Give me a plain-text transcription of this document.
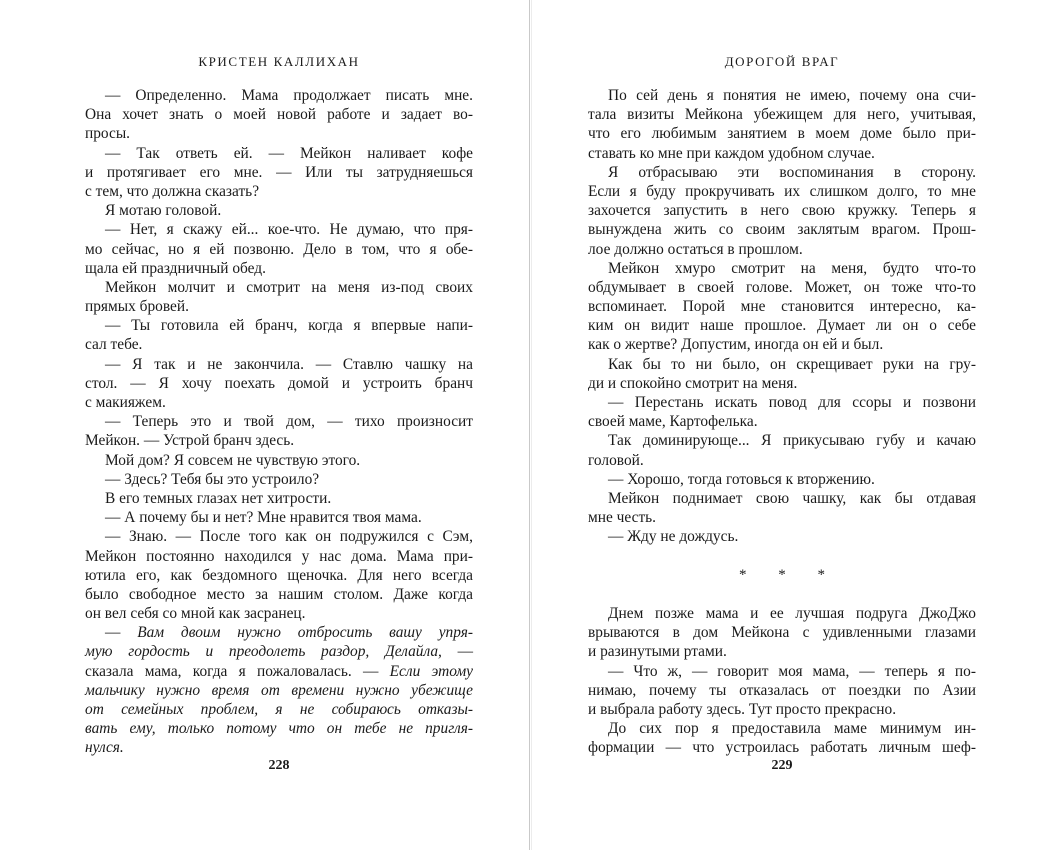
КРИСТЕН КАЛЛИХАН
— Определенно. Мама продолжает писать мне.
Она хочет знать о моей новой работе и задает во-
просы.
— Так ответь ей. — Мейкон наливает кофе
и протягивает его мне. — Или ты затрудняешься
с тем, что должна сказать?
Я мотаю головой.
— Нет, я скажу ей... кое-что. Не думаю, что пря-
мо сейчас, но я ей позвоню. Дело в том, что я обе-
щала ей праздничный обед.
Мейкон молчит и смотрит на меня из-под своих
прямых бровей.
— Ты готовила ей бранч, когда я впервые напи-
сал тебе.
— Я так и не закончила. — Ставлю чашку на
стол. — Я хочу поехать домой и устроить бранч
с макияжем.
— Теперь это и твой дом, — тихо произносит
Мейкон. — Устрой бранч здесь.
Мой дом? Я совсем не чувствую этого.
— Здесь? Тебя бы это устроило?
В его темных глазах нет хитрости.
— А почему бы и нет? Мне нравится твоя мама.
— Знаю. — После того как он подружился с Сэм,
Мейкон постоянно находился у нас дома. Мама при-
ютила его, как бездомного щеночка. Для него всегда
было свободное место за нашим столом. Даже когда
он вел себя со мной как засранец.
— Вам двоим нужно отбросить вашу упря-
мую гордость и преодолеть раздор, Делайла, —
сказала мама, когда я пожаловалась. — Если этому
мальчику нужно время от времени нужно убежище
от семейных проблем, я не собираюсь отказы-
вать ему, только потому что он тебе не пригля-
нулся.
228
ДОРОГОЙ ВРАГ
По сей день я понятия не имею, почему она счи-
тала визиты Мейкона убежищем для него, учитывая,
что его любимым занятием в моем доме было при-
ставать ко мне при каждом удобном случае.
Я отбрасываю эти воспоминания в сторону.
Если я буду прокручивать их слишком долго, то мне
захочется запустить в него свою кружку. Теперь я
вынуждена жить со своим заклятым врагом. Прош-
лое должно остаться в прошлом.
Мейкон хмуро смотрит на меня, будто что-то
обдумывает в своей голове. Может, он тоже что-то
вспоминает. Порой мне становится интересно, ка-
ким он видит наше прошлое. Думает ли он о себе
как о жертве? Допустим, иногда он ей и был.
Как бы то ни было, он скрещивает руки на гру-
ди и спокойно смотрит на меня.
— Перестань искать повод для ссоры и позвони
своей маме, Картофелька.
Так доминирующе... Я прикусываю губу и качаю
головой.
— Хорошо, тогда готовься к вторжению.
Мейкон поднимает свою чашку, как бы отдавая
мне честь.
— Жду не дождусь.
* * *
Днем позже мама и ее лучшая подруга ДжоДжо
врываются в дом Мейкона с удивленными глазами
и разинутыми ртами.
— Что ж, — говорит моя мама, — теперь я по-
нимаю, почему ты отказалась от поездки по Азии
и выбрала работу здесь. Тут просто прекрасно.
До сих пор я предоставила маме минимум ин-
формации — что устроилась работать личным шеф-
229
